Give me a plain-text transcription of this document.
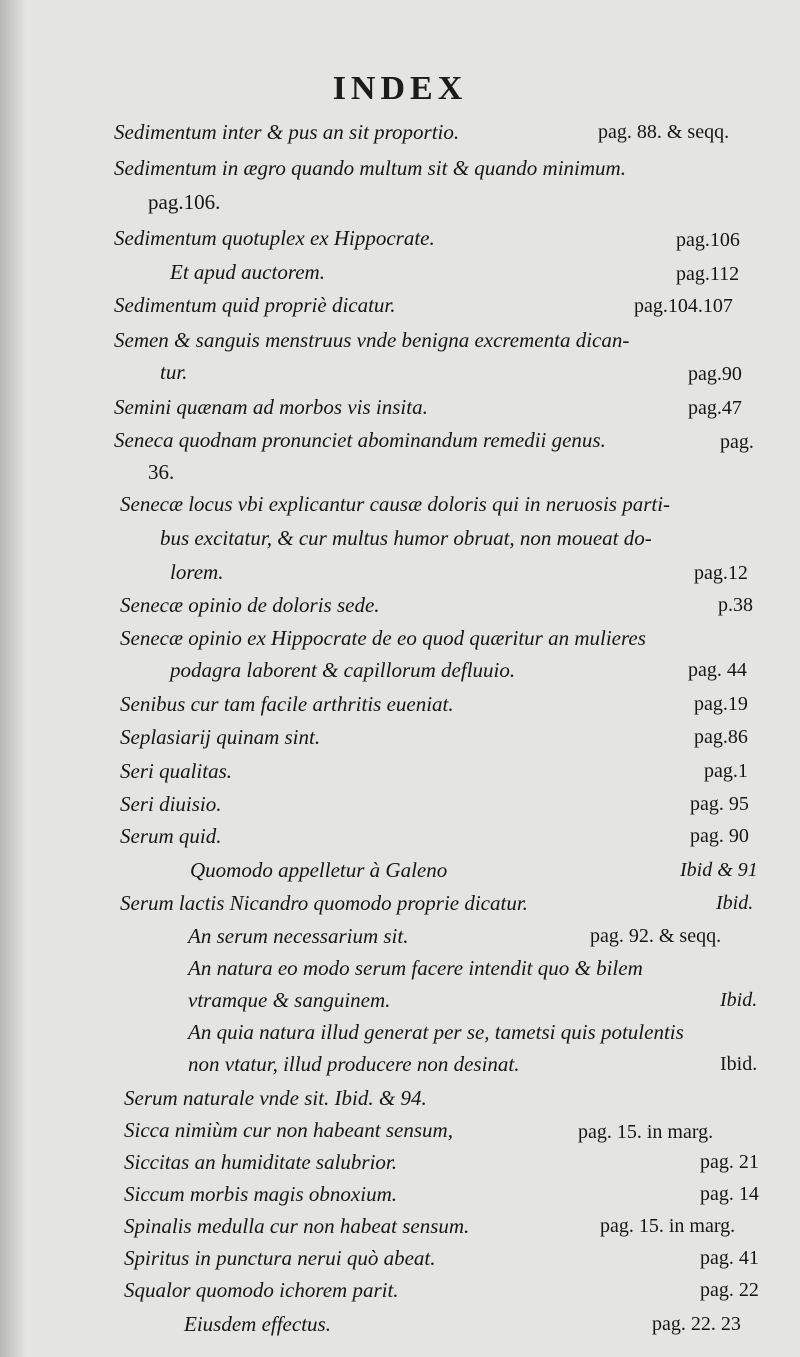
INDEX
Sedimentum inter & pus an sit proportio.	pag. 88. & seqq.
Sedimentum in ægro quando multum sit & quando minimum.
pag.106.
Sedimentum quotuplex ex Hippocrate.	pag.106
Et apud auctorem.	pag.112
Sedimentum quid propriè dicatur.	pag.104.107
Semen & sanguis menstruus vnde benigna excrementa dican-
tur.	pag.90
Semini quænam ad morbos vis insita.	pag.47
Seneca quodnam pronunciet abominandum remedii genus.	pag.
36.
Senecæ locus vbi explicantur causæ doloris qui in neruosis parti-
bus excitatur, & cur multus humor obruat, non moueat do-
lorem.	pag.12
Senecæ opinio de doloris sede.	p.38
Senecæ opinio ex Hippocrate de eo quod quæritur an mulieres
podagra laborent & capillorum defluuio.	pag. 44
Senibus cur tam facile arthritis eueniat.	pag.19
Seplasiarij quinam sint.	pag.86
Seri qualitas.	pag.1
Seri diuisio.	pag. 95
Serum quid.	pag. 90
Quomodo appelletur à Galeno	Ibid & 91
Serum lactis Nicandro quomodo proprie dicatur.	Ibid.
An serum necessarium sit.	pag. 92. & seqq.
An natura eo modo serum facere intendit quo & bilem
vtramque & sanguinem.	Ibid.
An quia natura illud generat per se, tametsi quis potulentis
non vtatur, illud producere non desinat.	Ibid.
Serum naturale vnde sit. Ibid. & 94.
Sicca nimiùm cur non habeant sensum,	pag. 15. in marg.
Siccitas an humiditate salubrior.	pag. 21
Siccum morbis magis obnoxium.	pag. 14
Spinalis medulla cur non habeat sensum.	pag. 15. in marg.
Spiritus in punctura nerui quò abeat.	pag. 41
Squalor quomodo ichorem parit.	pag. 22
Eiusdem effectus.	pag. 22. 23
